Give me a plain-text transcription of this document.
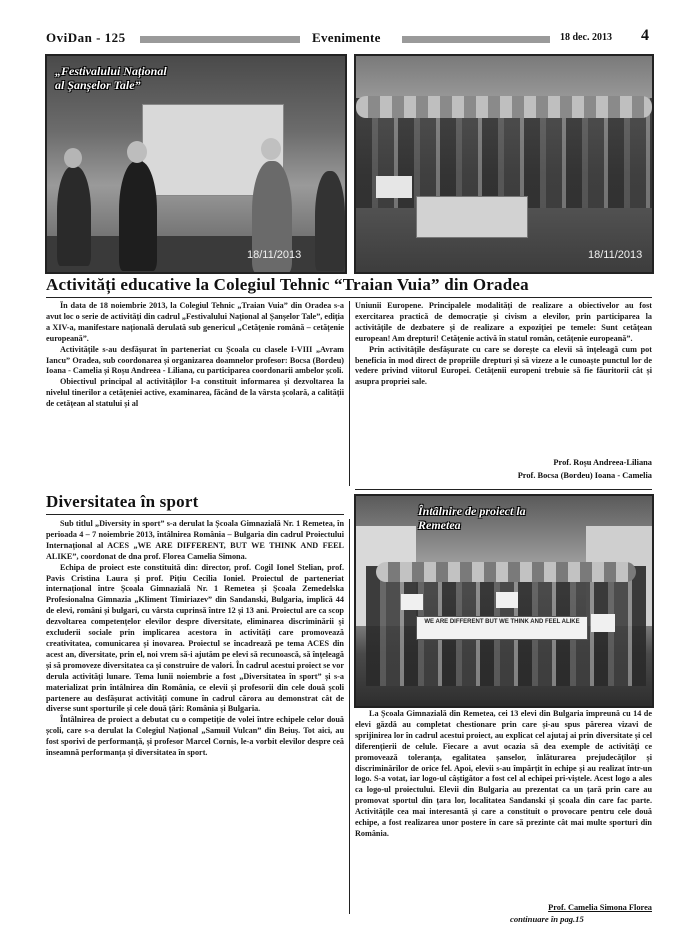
OviDan - 125	Evenimente	18 dec. 2013 4
„Festivalului Național
al Șanșelor Tale”
18/11/2013	18/11/2013
Activități educative la Colegiul Tehnic “Traian Vuia” din Oradea

În data de 18 noiembrie 2013, la Colegiul Tehnic „Traian Vuia” din Oradea s-a avut loc o serie de activități din cadrul „Festivalului Național al Șanșelor Tale”, ediția a XIV-a, manifestare națională derulată sub genericul „Cetățenie română – cetățenie europeană”.

Activitățile s-au desfășurat în parteneriat cu Școala cu clasele I-VIII „Avram Iancu” Oradea, sub coordonarea și organizarea doamnelor profesor: Bocsa (Bordeu) Ioana - Camelia și Roșu Andreea - Liliana, cu participarea coordonarii ambelor școli.

Obiectivul principal al activităților l-a constituit informarea și dezvoltarea la nivelul tinerilor a cetățeniei active, examinarea, făcând de la vârsta școlară, a calității de cetățean al statului și al

Uniunii Europene. Principalele modalități de realizare a obiectivelor au fost exercitarea practică de democrație și civism a elevilor, prin participarea la activitățile de dezbatere și de realizare a expoziției pe temele: Sunt cetățean european! Am drepturi! Cetățenie activă în statul român, cetățenie europeană”.

Prin activitățile desfășurate cu care se dorește ca elevii să înțeleagă cum pot beneficia în mod direct de propriile drepturi și să vizeze a le cunoaște punctul lor de vedere privind viitorul Europei. Cetățenii europeni trebuie să fie făuritorii cât și asupra propriei sale.

Prof. Roșu Andreea-Liliana
Prof. Bocsa (Bordeu) Ioana - Camelia
Diversitatea în sport

Sub titlul „Diversity in sport” s-a derulat la Școala Gimnazială Nr. 1 Remetea, în perioada 4 – 7 noiembrie 2013, întâlnirea România – Bulgaria din cadrul Proiectului Internațional al ACES „WE ARE DIFFERENT, BUT WE THINK AND FEEL ALIKE”, coordonat de dna prof. Florea Camelia Simona.

Echipa de proiect este constituită din: director, prof. Cogil Ionel Stelian, prof. Pavis Cristina Laura și prof. Pițiu Cecilia Ioniel. Proiectul de parteneriat internațional între Școala Gimnazială Nr. 1 Remetea și Școala Zemedelska Profesionalna Gimnazia „Kliment Timiriazev” din Sandanski, Bulgaria, implică 44 de elevi, români și bulgari, cu vârsta cuprinsă între 12 și 13 ani. Proiectul are ca scop dezvoltarea competențelor elevilor despre diversitate, eliminarea discriminării și excluderii sociale prin implicarea acestora în activități care promovează creativitatea, comunicarea și inovarea. Proiectul se încadrează pe tema ACES din acest an, diversitate, prin el, noi vrem să-i ajutăm pe elevi să recunoască, să înțeleagă și să promoveze diversitatea ca și construire de valori. În cadrul acestui proiect se vor derula activități lunare. Tema lunii noiembrie a fost „Diversitatea în sport” și s-a materializat prin întâlnirea din România, ce elevii și profesorii din cele două școli partenere au desfășurat activități comune în cadrul cărora au demonstrat cât de diverse sunt sporturile și cele două țări: România și Bulgaria.

Întâlnirea de proiect a debutat cu o competiție de volei între echipele celor două școli, care s-a derulat la Colegiul Național „Samuil Vulcan” din Beiuș. Tot aici, au fost sporivi de performanță, și profesor Marcel Cornis, le-a vorbit elevilor despre ceă înseamnă performanța și diversitatea în sport.

WE ARE DIFFERENT BUT WE THINK AND FEEL ALIKE
Întâlnire de proiect la
Remetea

La Școala Gimnazială din Remetea, cei 13 elevi din Bulgaria împreună cu 14 de elevi găzdă au completat chestionare prin care și-au spus părerea vizavi de sprijinirea lor în cadrul acestui proiect, au explicat cel ajutaj ai prin diversitate și cel diferențierii de celule. Fiecare a avut ocazia să dea exemple de activități ce promovează toleranța, egalitatea șanselor, înlăturarea prejudecăților și discriminărilor de orice fel. Apoi, elevii s-au împărțit în echipe și au realizat într-un logo. S-a votat, iar logo-ul câștigător a fost cel al echipei pri-viștele. Acest logo a ales ca logo-ul proiectului. Elevii din Bulgaria au prezentat ca un țară prin care au promovat sportul din țara lor, localitatea Sandanski și școala din care fac parte. Activitățile cea mai interesantă și care a constituit o provocare pentru cele două echipe, a fost realizarea unor postere în care să prezinte cât mai multe sporturi din România.

Prof. Camelia Simona Florea
continuare în pag.15
